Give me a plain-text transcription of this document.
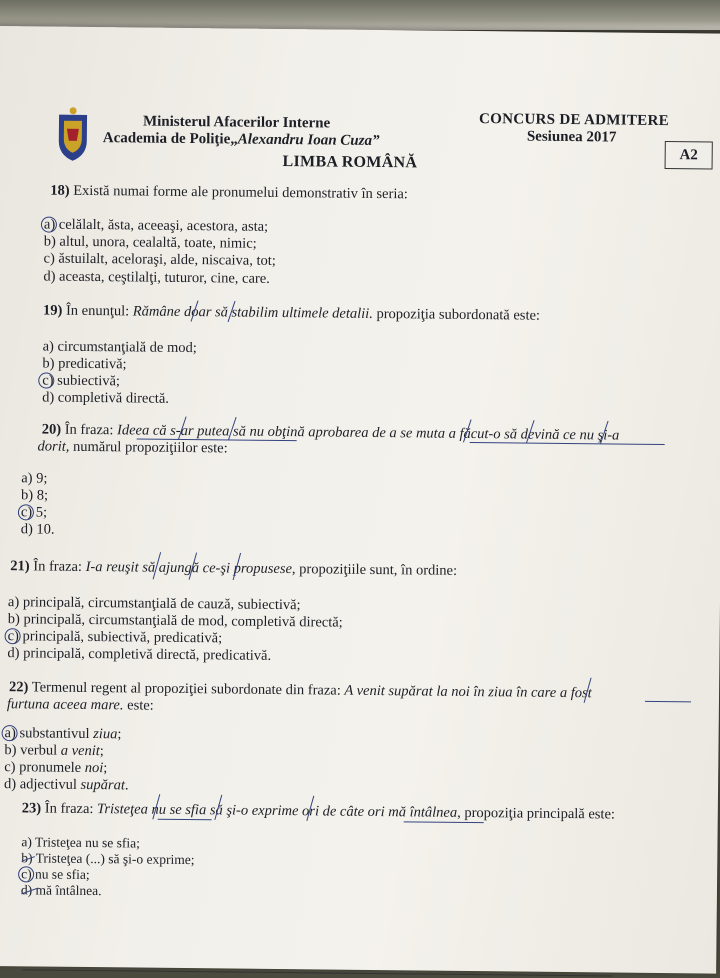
Ministerul Afacerilor Interne
Academia de Poliţie„Alexandru Ioan Cuza”
LIMBA ROMÂNĂ
CONCURS DE ADMITERE
Sesiunea 2017
A2
18) Există numai forme ale pronumelui demonstrativ în seria:
a) celălalt, ăsta, aceeaşi, acestora, asta;
b) altul, unora, cealaltă, toate, nimic;
c) ăstuilalt, aceloraşi, alde, niscaiva, tot;
d) aceasta, ceştilalţi, tuturor, cine, care.
19) În enunţul: Rămâne doar să stabilim ultimele detalii. propoziţia subordonată este:
a) circumstanţială de mod;
b) predicativă;
c) subiectivă;
d) completivă directă.
20) În fraza: Ideea că s-ar putea să nu obţină aprobarea de a se muta a făcut-o să devină ce nu şi-a
dorit, numărul propoziţiilor este:
a) 9;
b) 8;
c) 5;
d) 10.
21) În fraza: I-a reuşit să ajungă ce-şi propusese, propoziţiile sunt, în ordine:
a) principală, circumstanţială de cauză, subiectivă;
b) principală, circumstanţială de mod, completivă directă;
c) principală, subiectivă, predicativă;
d) principală, completivă directă, predicativă.
22) Termenul regent al propoziţiei subordonate din fraza: A venit supărat la noi în ziua în care a fost
furtuna aceea mare. este:
a) substantivul ziua;
b) verbul a venit;
c) pronumele noi;
d) adjectivul supărat.
23) În fraza: Tristeţea nu se sfia să şi-o exprime ori de câte ori mă întâlnea, propoziţia principală este:
a) Tristeţea nu se sfia;
b) Tristeţea (...) să şi-o exprime;
c) nu se sfia;
d) mă întâlnea.
